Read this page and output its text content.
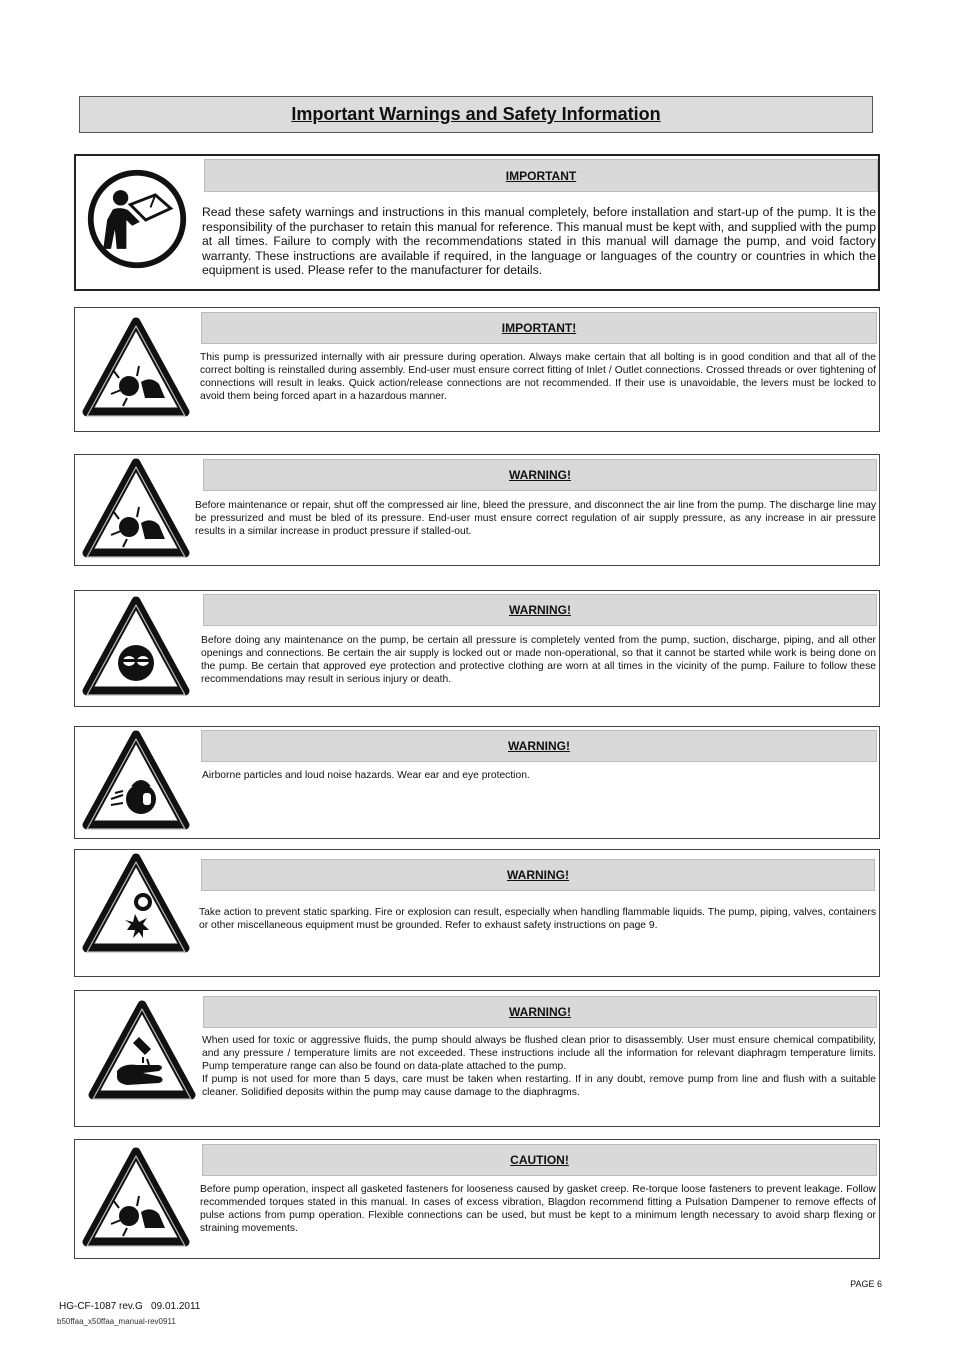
Important Warnings and Safety Information
IMPORTANT

Read these safety warnings and instructions in this manual completely, before installation and start-up of the pump. It is the responsibility of the purchaser to retain this manual for reference. This manual must be kept with, and supplied with the pump at all times. Failure to comply with the recommendations stated in this manual will damage the pump, and void factory warranty. These instructions are available if required, in the language or languages of the country or countries in which the equipment is used. Please refer to the manufacturer for details.

IMPORTANT!

This pump is pressurized internally with air pressure during operation. Always make certain that all bolting is in good condition and that all of the correct bolting is reinstalled during assembly. End-user must ensure correct fitting of Inlet / Outlet connections. Crossed threads or over tightening of connections will result in leaks. Quick action/release connections are not recommended. If their use is unavoidable, the levers must be locked to avoid them being forced apart in a hazardous manner.

WARNING!

Before maintenance or repair, shut off the compressed air line, bleed the pressure, and disconnect the air line from the pump. The discharge line may be pressurized and must be bled of its pressure. End-user must ensure correct regulation of air supply pressure, as any increase in air pressure results in a similar increase in product pressure if stalled-out.

WARNING!

Before doing any maintenance on the pump, be certain all pressure is completely vented from the pump, suction, discharge, piping, and all other openings and connections. Be certain the air supply is locked out or made non-operational, so that it cannot be started while work is being done on the pump. Be certain that approved eye protection and protective clothing are worn at all times in the vicinity of the pump. Failure to follow these recommendations may result in serious injury or death.

WARNING!

Airborne particles and loud noise hazards. Wear ear and eye protection.

WARNING!

Take action to prevent static sparking. Fire or explosion can result, especially when handling flammable liquids. The pump, piping, valves, containers or other miscellaneous equipment must be grounded. Refer to exhaust safety instructions on page 9.

WARNING!

When used for toxic or aggressive fluids, the pump should always be flushed clean prior to disassembly. User must ensure chemical compatibility, and any pressure / temperature limits are not exceeded. These instructions include all the information for relevant diaphragm temperature limits. Pump temperature range can also be found on data-plate attached to the pump.

If pump is not used for more than 5 days, care must be taken when restarting. If in any doubt, remove pump from line and flush with a suitable cleaner. Solidified deposits within the pump may cause damage to the diaphragms.

CAUTION!

Before pump operation, inspect all gasketed fasteners for looseness caused by gasket creep. Re-torque loose fasteners to prevent leakage. Follow recommended torques stated in this manual. In cases of excess vibration, Blagdon recommend fitting a Pulsation Dampener to remove effects of pulse actions from pump operation. Flexible connections can be used, but must be kept to a minimum length necessary to avoid sharp flexing or straining movements.

PAGE 6
HG-CF-1087 rev.G   09.01.2011
b50ffaa_x50ffaa_manual-rev0911
